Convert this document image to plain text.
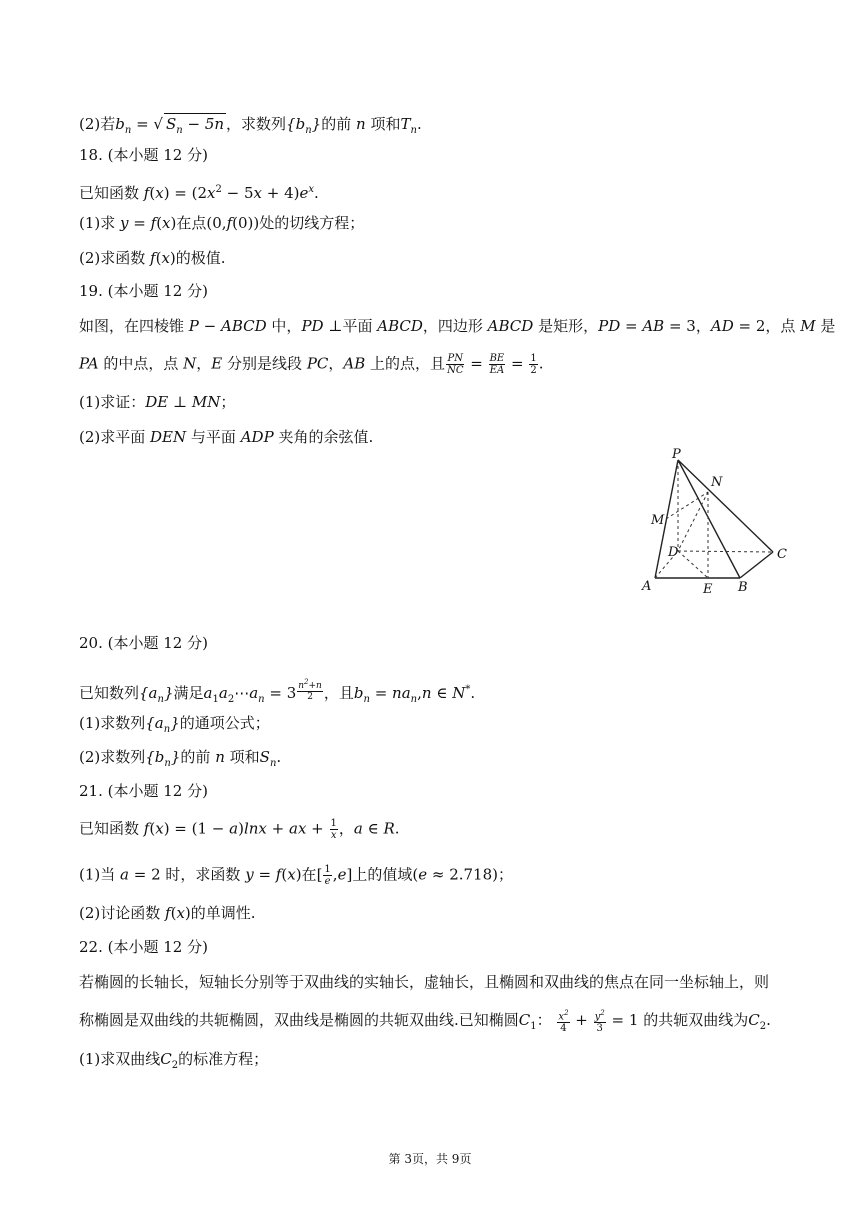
(2)若$b_n$ = √ $S_n - 5n$ ，求数列$\{b_n\}$的前 n 项和$T_n$.
18. (本小题 12 分)
已知函数 $f(x) = (2x^2 - 5x + 4)e^x$.
(1)求 y = f(x)在点(0,f(0))处的切线方程；
(2)求函数 f(x)的极值.
19. (本小题 12 分)
如图，在四棱锥 P − ABCD 中，PD ⊥平面 ABCD，四边形 ABCD 是矩形，PD = AB = 3，AD = 2，点 M 是
PA 的中点，点 N，E 分别是线段 PC，AB 上的点，且 $\frac{PN}{NC} = \frac{BE}{EA} = \frac{1}{2}$ .
(1)求证：DE ⊥ MN；
(2)求平面 DEN 与平面 ADP 夹角的余弦值.
P
N
M
D	C
A	E B
20. (本小题 12 分)
已知数列$\{a_n\}$满足$a_1a_2\cdots a_n = 3$ $^{\frac{n^2+n}{2}}$ ，且$b_n = na_n,n$ ∈ N*.
(1)求数列$\{a_n\}$的通项公式；
(2)求数列$\{b_n\}$的前 n 项和$S_n$.
21. (本小题 12 分)
已知函数 f(x) = (1 − a)lnx + ax + $\frac{1}{x}$ ，a ∈ R.
(1)当 a = 2 时，求函数 y = f(x)在[ $\frac{1}{e} ,e$]上的值域(e ≈ 2.718)；
(2)讨论函数 f(x)的单调性.
22. (本小题 12 分)
若椭圆的长轴长，短轴长分别等于双曲线的实轴长，虚轴长，且椭圆和双曲线的焦点在同一坐标轴上，则
称椭圆是双曲线的共轭椭圆，双曲线是椭圆的共轭双曲线.已知椭圆$C_1$： $\frac{x^2}{4} + \frac{y^2}{3} = 1$ 的共轭双曲线为$C_2$.
(1)求双曲线$C_2$的标准方程；
第 3页，共 9页
